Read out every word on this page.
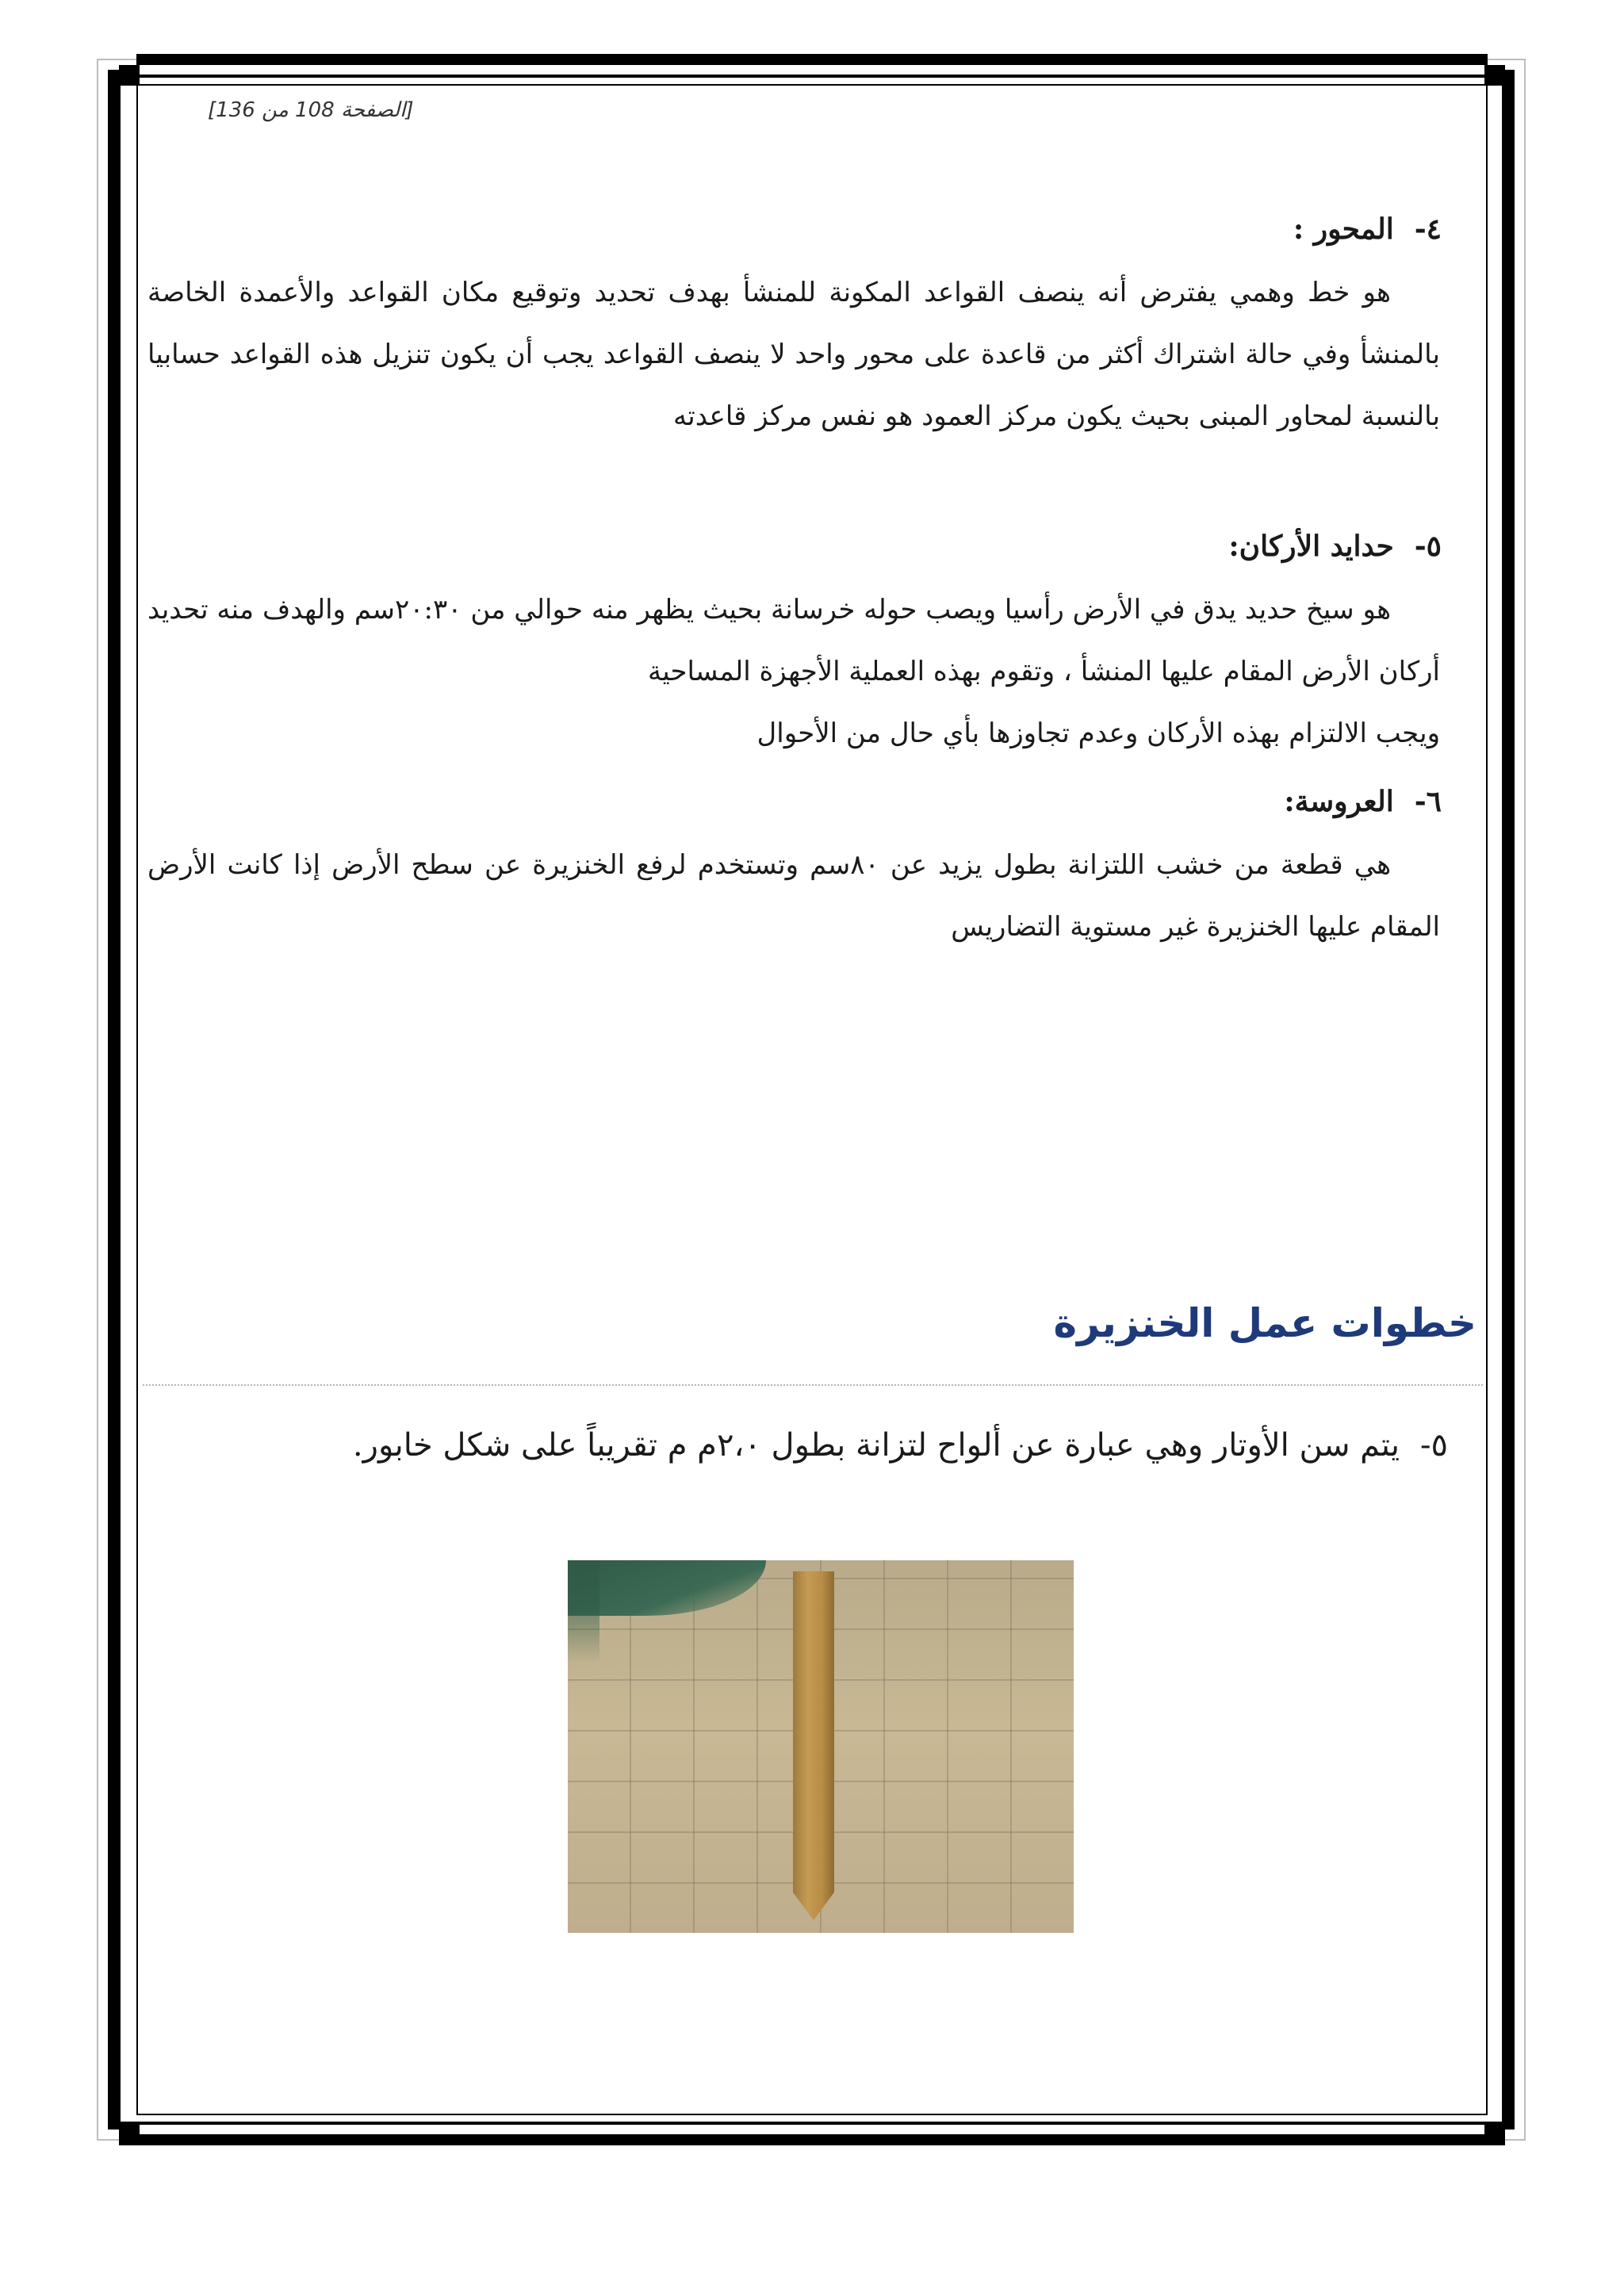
[الصفحة 108 من 136]
٤-المحور :

هو خط وهمي يفترض أنه ينصف القواعد المكونة للمنشأ بهدف تحديد وتوقيع مكان القواعد والأعمدة الخاصة بالمنشأ وفي حالة اشتراك أكثر من قاعدة على محور واحد لا ينصف القواعد يجب أن يكون تنزيل هذه القواعد حسابيا بالنسبة لمحاور المبنى بحيث يكون مركز العمود هو نفس مركز قاعدته

٥-حدايد الأركان:

هو سيخ حديد يدق في الأرض رأسيا ويصب حوله خرسانة بحيث يظهر منه حوالي من ٢٠:٣٠سم والهدف منه تحديد أركان الأرض المقام عليها المنشأ ، وتقوم بهذه العملية الأجهزة المساحية

ويجب الالتزام بهذه الأركان وعدم تجاوزها بأي حال من الأحوال

٦-العروسة:

هي قطعة من خشب اللتزانة بطول يزيد عن ٨٠سم وتستخدم لرفع الخنزيرة عن سطح الأرض إذا كانت الأرض المقام عليها الخنزيرة غير مستوية التضاريس

خطوات عمل الخنزيرة
٥-يتم سن الأوتار وهي عبارة عن ألواح لتزانة بطول ٢،٠م م تقريباً على شكل خابور.
